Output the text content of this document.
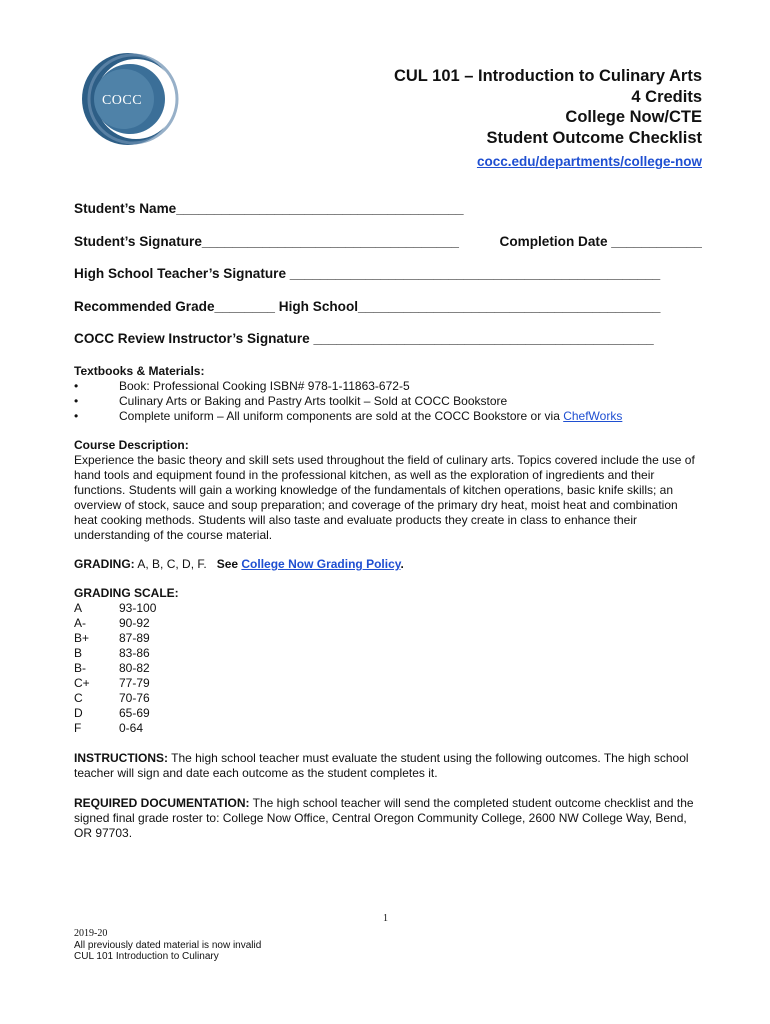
COCC
CUL 101 – Introduction to Culinary Arts
4 Credits
College Now/CTE
Student Outcome Checklist
cocc.edu/departments/college-now
Student’s Name______________________________________
Student’s Signature__________________________________	Completion Date ____________
High School Teacher’s Signature _________________________________________________
Recommended Grade________ High School________________________________________
COCC Review Instructor’s Signature _____________________________________________
Textbooks & Materials:
•	Book: Professional Cooking ISBN# 978-1-11863-672-5
•	Culinary Arts or Baking and Pastry Arts toolkit – Sold at COCC Bookstore
•	Complete uniform – All uniform components are sold at the COCC Bookstore or via ChefWorks
Course Description:
Experience the basic theory and skill sets used throughout the field of culinary arts. Topics covered include the use of hand tools and equipment found in the professional kitchen, as well as the exploration of ingredients and their functions. Students will gain a working knowledge of the fundamentals of kitchen operations, basic knife skills; an overview of stock, sauce and soup preparation; and coverage of the primary dry heat, moist heat and combination heat cooking methods. Students will also taste and evaluate products they create in class to enhance their understanding of the course material.
GRADING: A, B, C, D, F.   See College Now Grading Policy.
GRADING SCALE:
A	93-100
A-	90-92
B+	87-89
B	83-86
B-	80-82
C+	77-79
C	70-76
D	65-69
F	0-64
INSTRUCTIONS: The high school teacher must evaluate the student using the following outcomes. The high school teacher will sign and date each outcome as the student completes it.
REQUIRED DOCUMENTATION: The high school teacher will send the completed student outcome checklist and the signed final grade roster to: College Now Office, Central Oregon Community College, 2600 NW College Way, Bend, OR 97703.
1
2019-20
All previously dated material is now invalid
CUL 101 Introduction to Culinary
